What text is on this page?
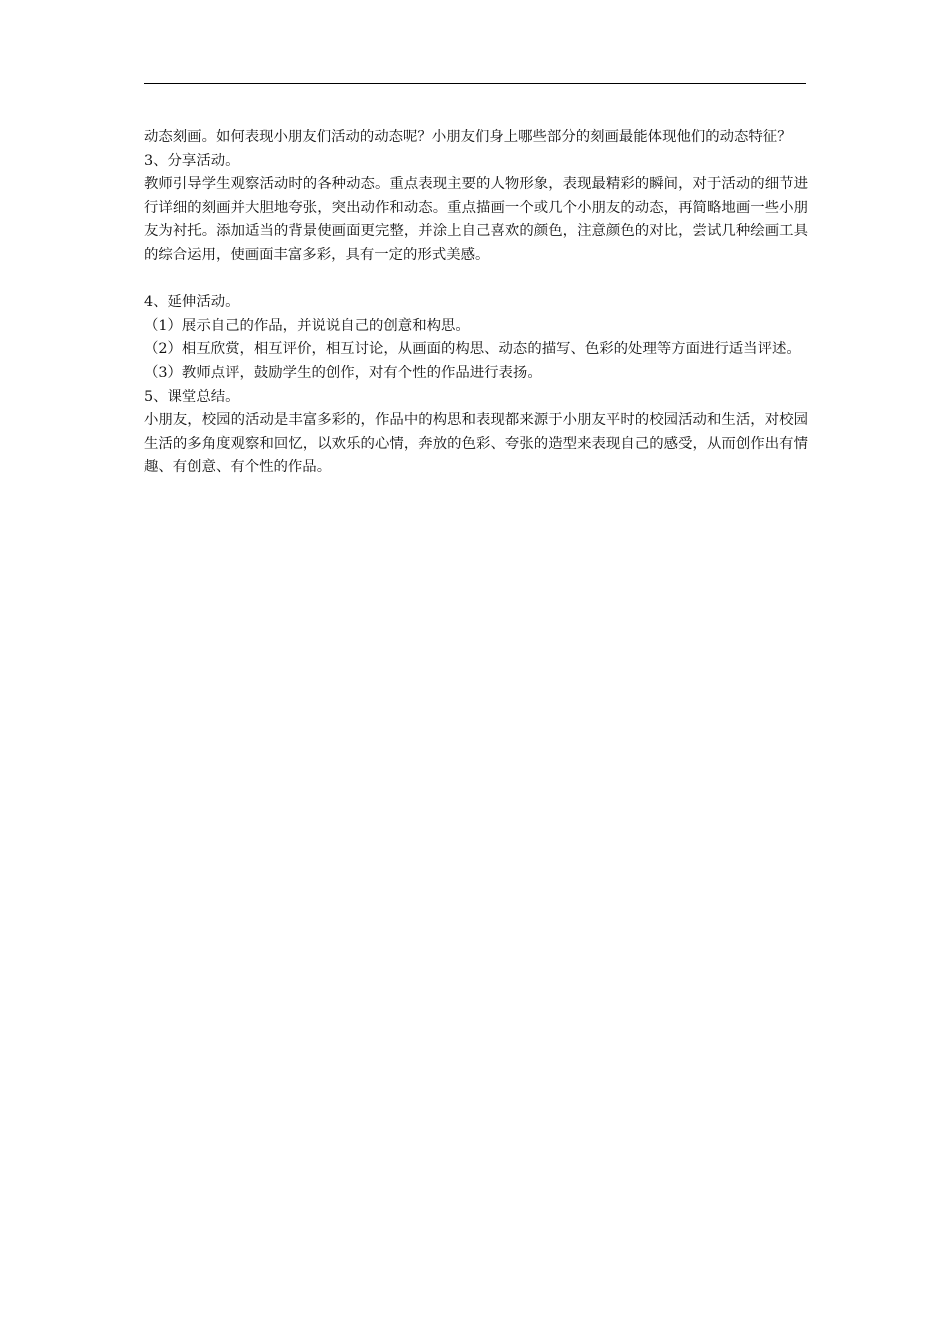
动态刻画。如何表现小朋友们活动的动态呢？小朋友们身上哪些部分的刻画最能体现他们的动态特征？

3、分享活动。

教师引导学生观察活动时的各种动态。重点表现主要的人物形象，表现最精彩的瞬间，对于活动的细节进行详细的刻画并大胆地夸张，突出动作和动态。重点描画一个或几个小朋友的动态，再简略地画一些小朋友为衬托。添加适当的背景使画面更完整，并涂上自己喜欢的颜色，注意颜色的对比，尝试几种绘画工具的综合运用，使画面丰富多彩，具有一定的形式美感。

4、延伸活动。

（1）展示自己的作品，并说说自己的创意和构思。

（2）相互欣赏，相互评价，相互讨论，从画面的构思、动态的描写、色彩的处理等方面进行适当评述。

（3）教师点评，鼓励学生的创作，对有个性的作品进行表扬。

5、课堂总结。

小朋友，校园的活动是丰富多彩的，作品中的构思和表现都来源于小朋友平时的校园活动和生活，对校园生活的多角度观察和回忆，以欢乐的心情，奔放的色彩、夸张的造型来表现自己的感受，从而创作出有情趣、有创意、有个性的作品。
